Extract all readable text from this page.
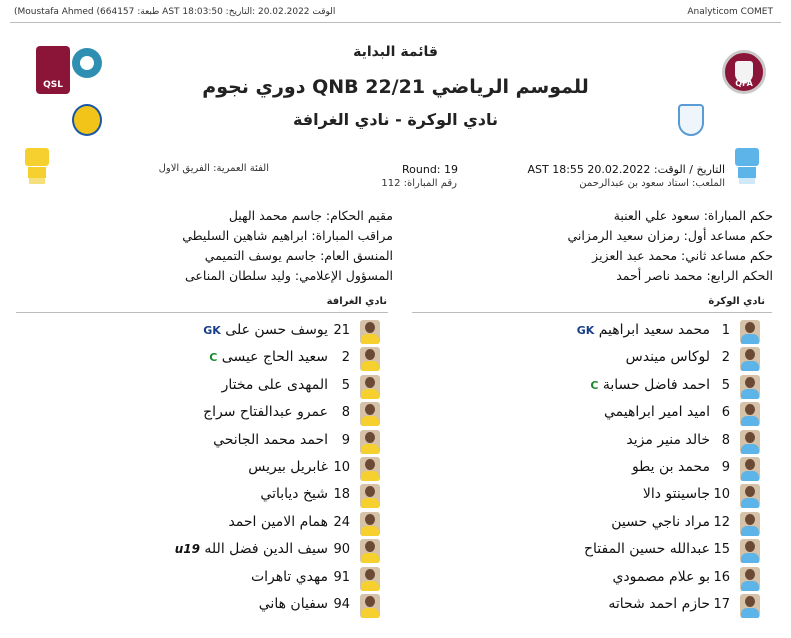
(Moustafa Ahmed (664157 :طبعة AST 18:03:50 :الوقت 20.02.2022 :التاريخ	Analyticom COMET
QSL	QFA
قائمة البداية
دوري نجوم QNB للموسم الرياضي 22/21
نادي الوكرة - نادي الغرافة
التاريخ / الوقت: 20.02.2022 AST 18:55
الملعب: استاد سعود بن عبدالرحمن
Round: 19
رقم المباراة: 112
الفئة العمرية: الفريق الاول
حكم المباراة: سعود علي العنبة
حكم مساعد أول: رمزان سعيد الرمزاني
حكم مساعد ثاني: محمد عبد العزيز
الحكم الرابع: محمد ناصر أحمد
مقيم الحكام: جاسم محمد الهيل
مراقب المباراة: ابراهيم شاهين السليطي
المنسق العام: جاسم يوسف التميمي
المسؤول الإعلامي: وليد سلطان المناعى
نادي الوكرة
نادي الغرافة
1
محمد سعيد ابراهيم GK
2
لوكاس ميندس
5
احمد فاضل حسابة C
6
اميد امير ابراهيمي
8
خالد منير مزيد
9
محمد بن يطو
10
جاسينتو دالا
12
مراد ناجي حسين
15
عبدالله حسين المفتاح
16
بو علام مصمودي
17
حازم احمد شحاته
21
يوسف حسن على GK
2
سعيد الحاج عيسى C
5
المهدى على مختار
8
عمرو عبدالفتاح سراج
9
احمد محمد الجانحي
10
غابريل بيريس
18
شيخ دياباتي
24
همام الامين احمد
90
سيف الدين فضل الله u19
91
مهدي تاهرات
94
سفيان هاني
